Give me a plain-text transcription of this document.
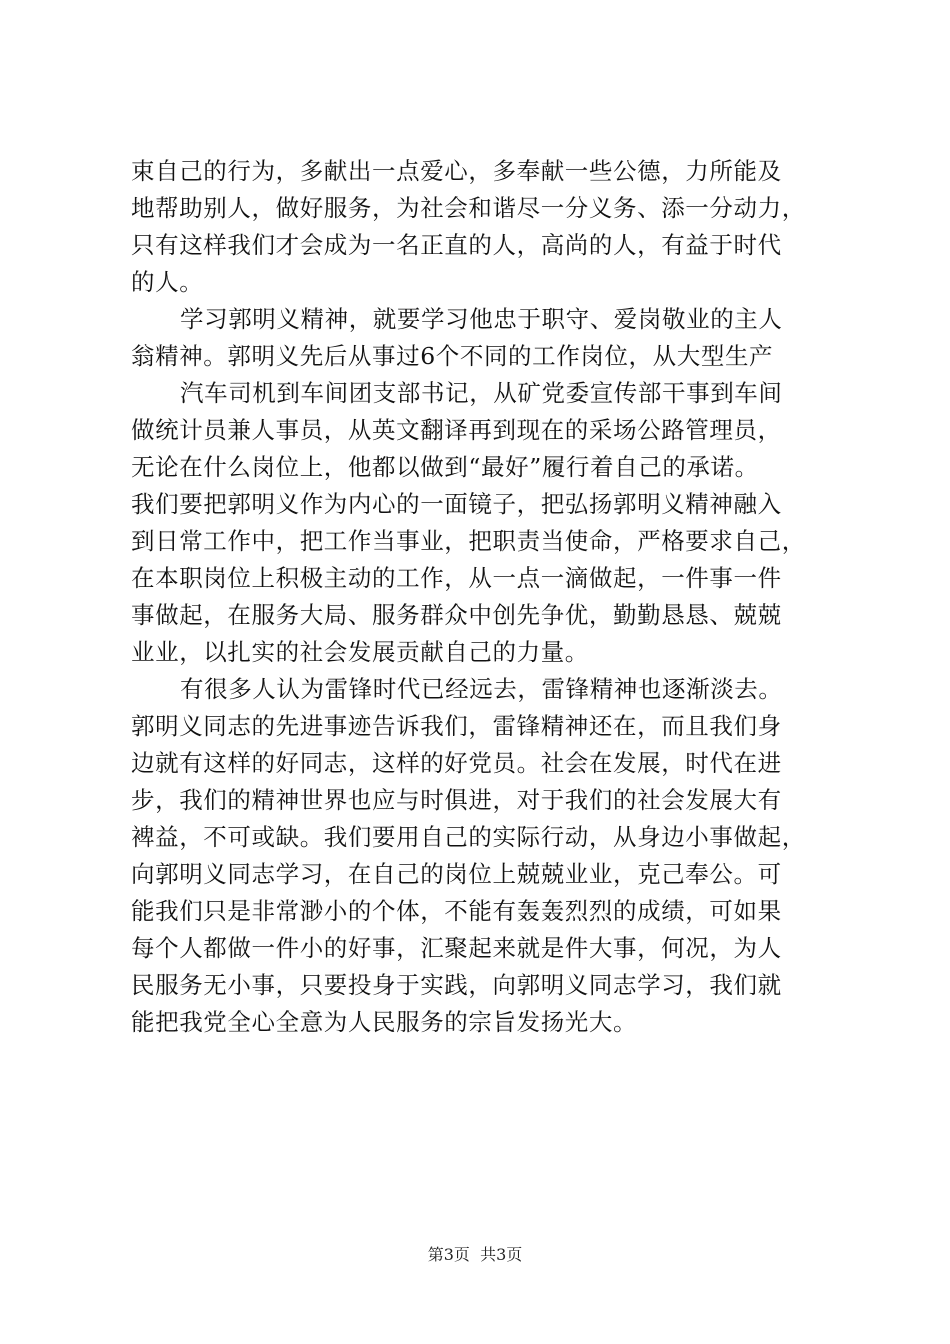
束自己的行为，多献出一点爱心，多奉献一些公德，力所能及
地帮助别人，做好服务，为社会和谐尽一分义务、添一分动力，
只有这样我们才会成为一名正直的人，高尚的人，有益于时代
的人。
学习郭明义精神，就要学习他忠于职守、爱岗敬业的主人
翁精神。郭明义先后从事过6个不同的工作岗位，从大型生产
汽车司机到车间团支部书记，从矿党委宣传部干事到车间
做统计员兼人事员，从英文翻译再到现在的采场公路管理员，
无论在什么岗位上，他都以做到“最好”履行着自己的承诺。
我们要把郭明义作为内心的一面镜子，把弘扬郭明义精神融入
到日常工作中，把工作当事业，把职责当使命，严格要求自己，
在本职岗位上积极主动的工作，从一点一滴做起，一件事一件
事做起，在服务大局、服务群众中创先争优，勤勤恳恳、兢兢
业业，以扎实的社会发展贡献自己的力量。
有很多人认为雷锋时代已经远去，雷锋精神也逐渐淡去。
郭明义同志的先进事迹告诉我们，雷锋精神还在，而且我们身
边就有这样的好同志，这样的好党员。社会在发展，时代在进
步，我们的精神世界也应与时俱进，对于我们的社会发展大有
裨益，不可或缺。我们要用自己的实际行动，从身边小事做起，
向郭明义同志学习，在自己的岗位上兢兢业业，克己奉公。可
能我们只是非常渺小的个体，不能有轰轰烈烈的成绩，可如果
每个人都做一件小的好事，汇聚起来就是件大事，何况，为人
民服务无小事，只要投身于实践，向郭明义同志学习，我们就
能把我党全心全意为人民服务的宗旨发扬光大。
第3页  共3页
